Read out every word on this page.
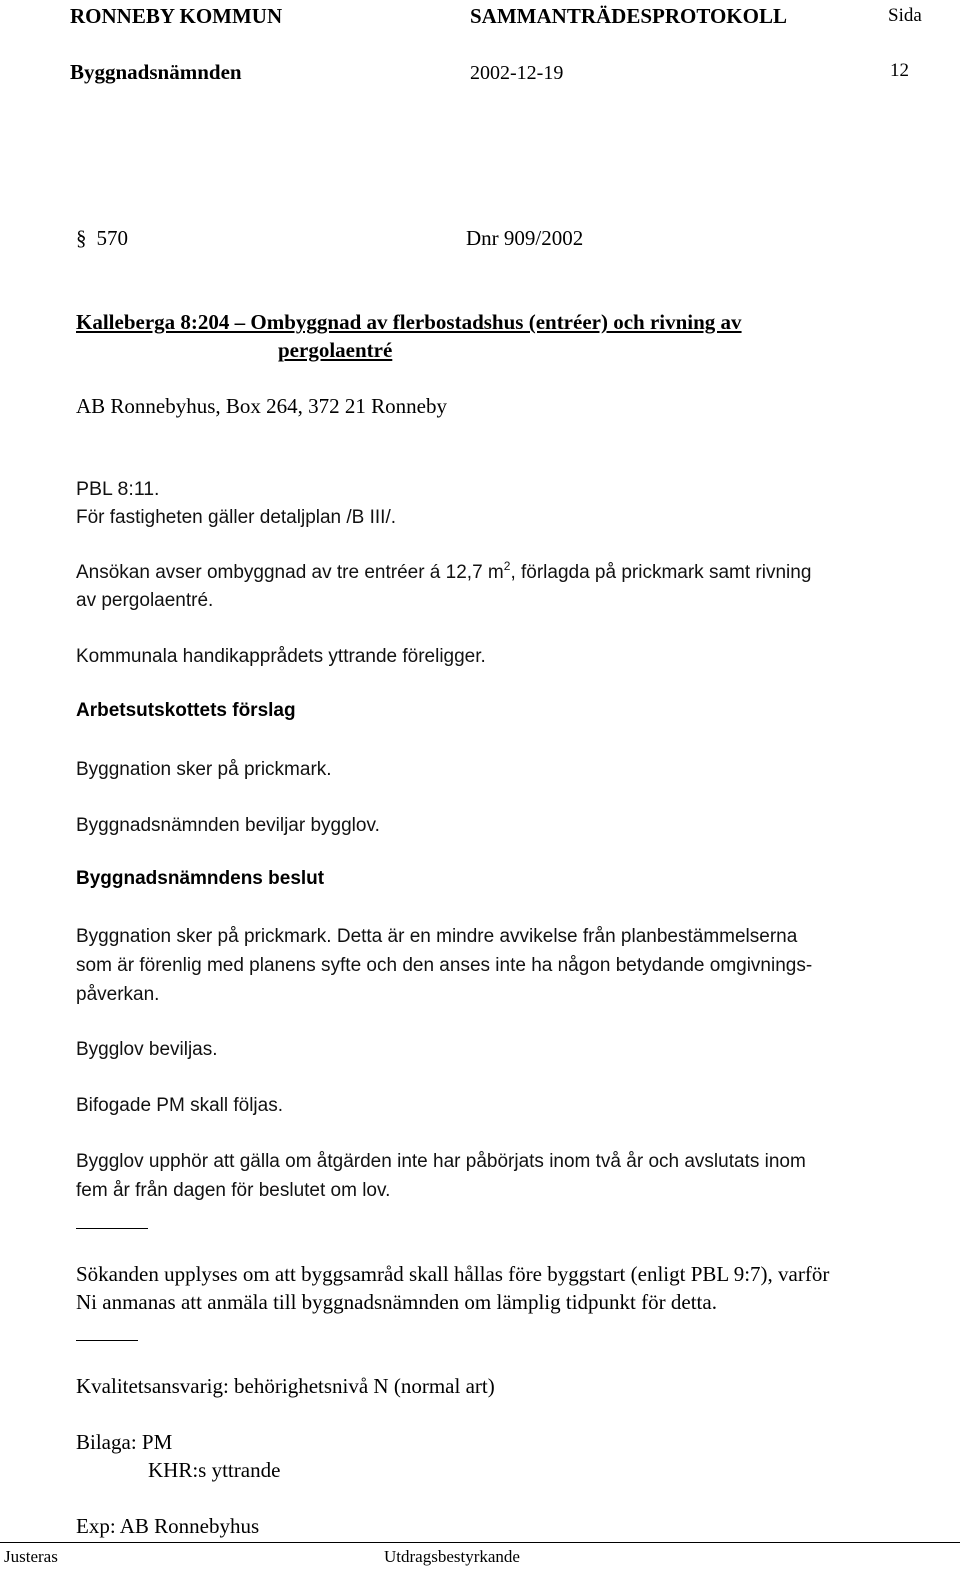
RONNEBY KOMMUN	SAMMANTRÄDESPROTOKOLL	Sida
Byggnadsnämnden	2002-12-19	12
§ 570	Dnr 909/2002
Kalleberga 8:204 – Ombyggnad av flerbostadshus (entréer) och rivning av
pergolaentré
AB Ronnebyhus, Box 264, 372 21 Ronneby
PBL 8:11.
För fastigheten gäller detaljplan /B III/.
Ansökan avser ombyggnad av tre entréer á 12,7 $m^2$, förlagda på prickmark samt rivning
av pergolaentré.
Kommunala handikapprådets yttrande föreligger.
Arbetsutskottets förslag
Byggnation sker på prickmark.
Byggnadsnämnden beviljar bygglov.
Byggnadsnämndens beslut
Byggnation sker på prickmark. Detta är en mindre avvikelse från planbestämmelserna
som är förenlig med planens syfte och den anses inte ha någon betydande omgivnings-
påverkan.
Bygglov beviljas.
Bifogade PM skall följas.
Bygglov upphör att gälla om åtgärden inte har påbörjats inom två år och avslutats inom
fem år från dagen för beslutet om lov.
Sökanden upplyses om att byggsamråd skall hållas före byggstart (enligt PBL 9:7), varför
Ni anmanas att anmäla till byggnadsnämnden om lämplig tidpunkt för detta.
Kvalitetsansvarig: behörighetsnivå N (normal art)
Bilaga: PM
KHR:s yttrande
Exp: AB Ronnebyhus
Justeras	Utdragsbestyrkande
